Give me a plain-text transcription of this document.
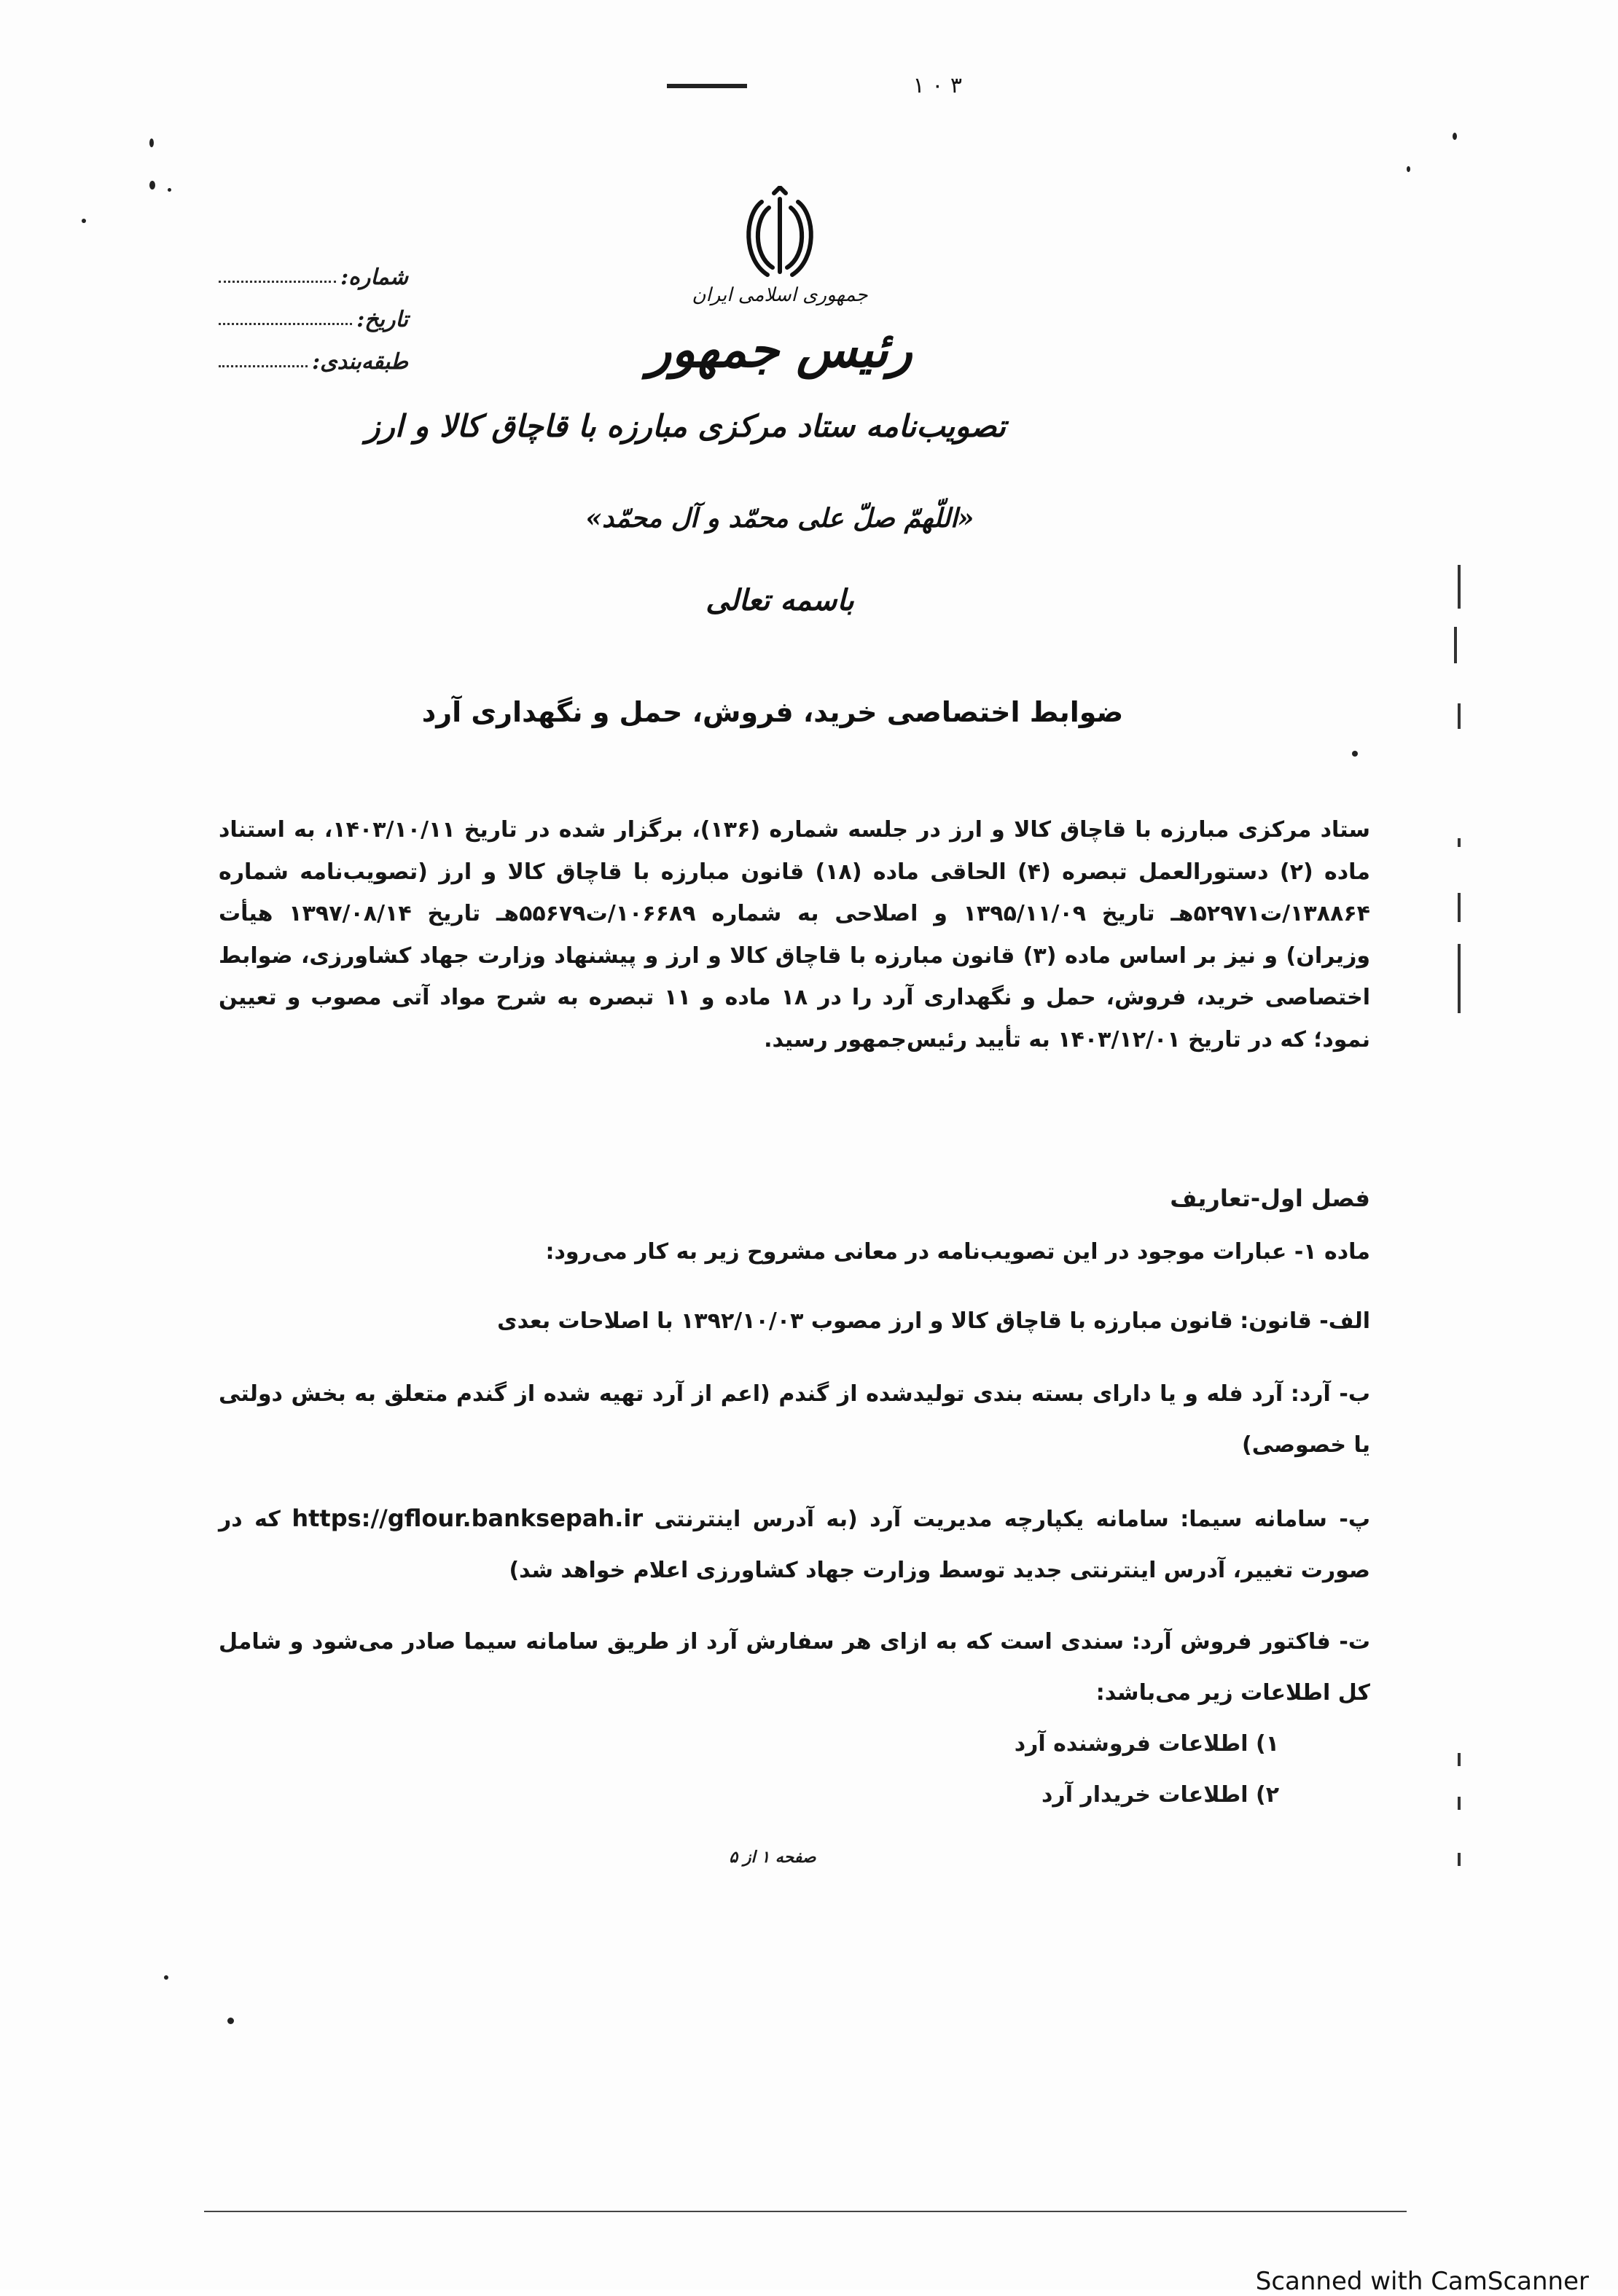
۳ ۰ ۱
جمهوری اسلامی ایران
رئیس جمهور
تصویب‌نامه ستاد مرکزی مبارزه با قاچاق کالا و ارز
«اللّهمّ صلّ علی محمّد و آل محمّد»
باسمه تعالی
شماره:
تاریخ:
طبقه‌بندی:
ضوابط اختصاصی خرید، فروش، حمل و نگهداری آرد
ستاد مرکزی مبارزه با قاچاق کالا و ارز در جلسه شماره (۱۳۶)، برگزار شده در تاریخ ۱۴۰۳/۱۰/۱۱، به استناد ماده (۲) دستورالعمل تبصره (۴) الحاقی ماده (۱۸) قانون مبارزه با قاچاق کالا و ارز (تصویب‌نامه شماره ۱۳۸۸۶۴/ت۵۲۹۷۱هـ تاریخ ۱۳۹۵/۱۱/۰۹ و اصلاحی به شماره ۱۰۶۶۸۹/ت۵۵۶۷۹هـ تاریخ ۱۳۹۷/۰۸/۱۴ هیأت وزیران) و نیز بر اساس ماده (۳) قانون مبارزه با قاچاق کالا و ارز و پیشنهاد وزارت جهاد کشاورزی، ضوابط اختصاصی خرید، فروش، حمل و نگهداری آرد را در ۱۸ ماده و ۱۱ تبصره به شرح مواد آتی مصوب و تعیین نمود؛ که در تاریخ ۱۴۰۳/۱۲/۰۱ به تأیید رئیس‌جمهور رسید.
فصل اول-تعاریف
ماده ۱- عبارات موجود در این تصویب‌نامه در معانی مشروح زیر به کار می‌رود:
الف- قانون: قانون مبارزه با قاچاق کالا و ارز مصوب ۱۳۹۲/۱۰/۰۳ با اصلاحات بعدی
ب- آرد: آرد فله و یا دارای بسته بندی تولیدشده از گندم (اعم از آرد تهیه شده از گندم متعلق به بخش دولتی یا خصوصی)
پ- سامانه سیما: سامانه یکپارچه مدیریت آرد (به آدرس اینترنتی https://gflour.banksepah.ir که در صورت تغییر، آدرس اینترنتی جدید توسط وزارت جهاد کشاورزی اعلام خواهد شد)
ت- فاکتور فروش آرد: سندی است که به ازای هر سفارش آرد از طریق سامانه سیما صادر می‌شود و شامل کل اطلاعات زیر می‌باشد:
۱) اطلاعات فروشنده آرد
۲) اطلاعات خریدار آرد
صفحه ۱ از ۵
Scanned with CamScanner
